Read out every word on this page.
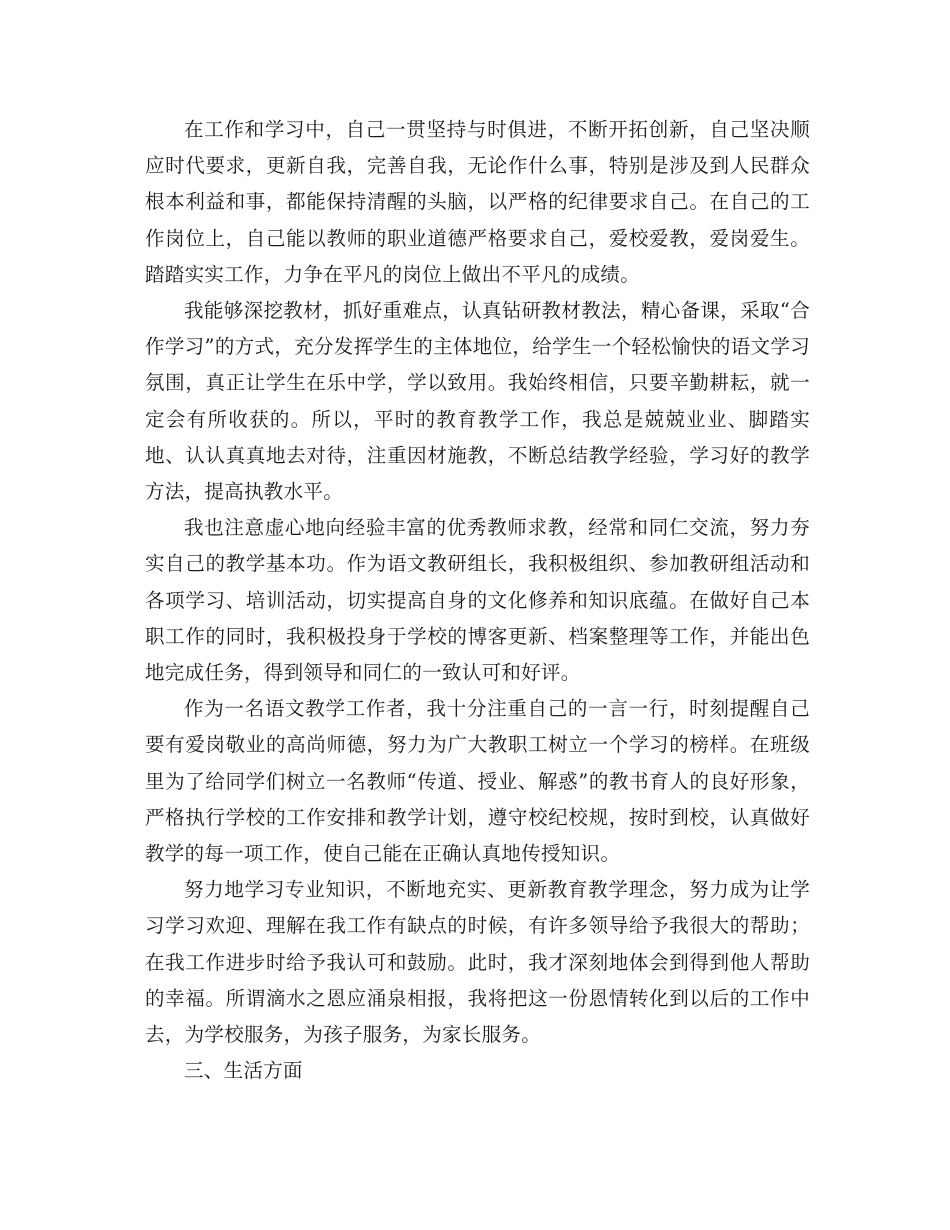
在工作和学习中，自己一贯坚持与时俱进，不断开拓创新，自己坚决顺应时代要求，更新自我，完善自我，无论作什么事，特别是涉及到人民群众根本利益和事，都能保持清醒的头脑，以严格的纪律要求自己。在自己的工作岗位上，自己能以教师的职业道德严格要求自己，爱校爱教，爱岗爱生。踏踏实实工作，力争在平凡的岗位上做出不平凡的成绩。

我能够深挖教材，抓好重难点，认真钻研教材教法，精心备课，采取“合作学习”的方式，充分发挥学生的主体地位，给学生一个轻松愉快的语文学习氛围，真正让学生在乐中学，学以致用。我始终相信，只要辛勤耕耘，就一定会有所收获的。所以，平时的教育教学工作，我总是兢兢业业、脚踏实地、认认真真地去对待，注重因材施教，不断总结教学经验，学习好的教学方法，提高执教水平。

我也注意虚心地向经验丰富的优秀教师求教，经常和同仁交流，努力夯实自己的教学基本功。作为语文教研组长，我积极组织、参加教研组活动和各项学习、培训活动，切实提高自身的文化修养和知识底蕴。在做好自己本职工作的同时，我积极投身于学校的博客更新、档案整理等工作，并能出色地完成任务，得到领导和同仁的一致认可和好评。

作为一名语文教学工作者，我十分注重自己的一言一行，时刻提醒自己要有爱岗敬业的高尚师德，努力为广大教职工树立一个学习的榜样。在班级里为了给同学们树立一名教师“传道、授业、解惑”的教书育人的良好形象，严格执行学校的工作安排和教学计划，遵守校纪校规，按时到校，认真做好教学的每一项工作，使自己能在正确认真地传授知识。

努力地学习专业知识，不断地充实、更新教育教学理念，努力成为让学习学习欢迎、理解在我工作有缺点的时候，有许多领导给予我很大的帮助；在我工作进步时给予我认可和鼓励。此时，我才深刻地体会到得到他人帮助的幸福。所谓滴水之恩应涌泉相报，我将把这一份恩情转化到以后的工作中去，为学校服务，为孩子服务，为家长服务。

三、生活方面
